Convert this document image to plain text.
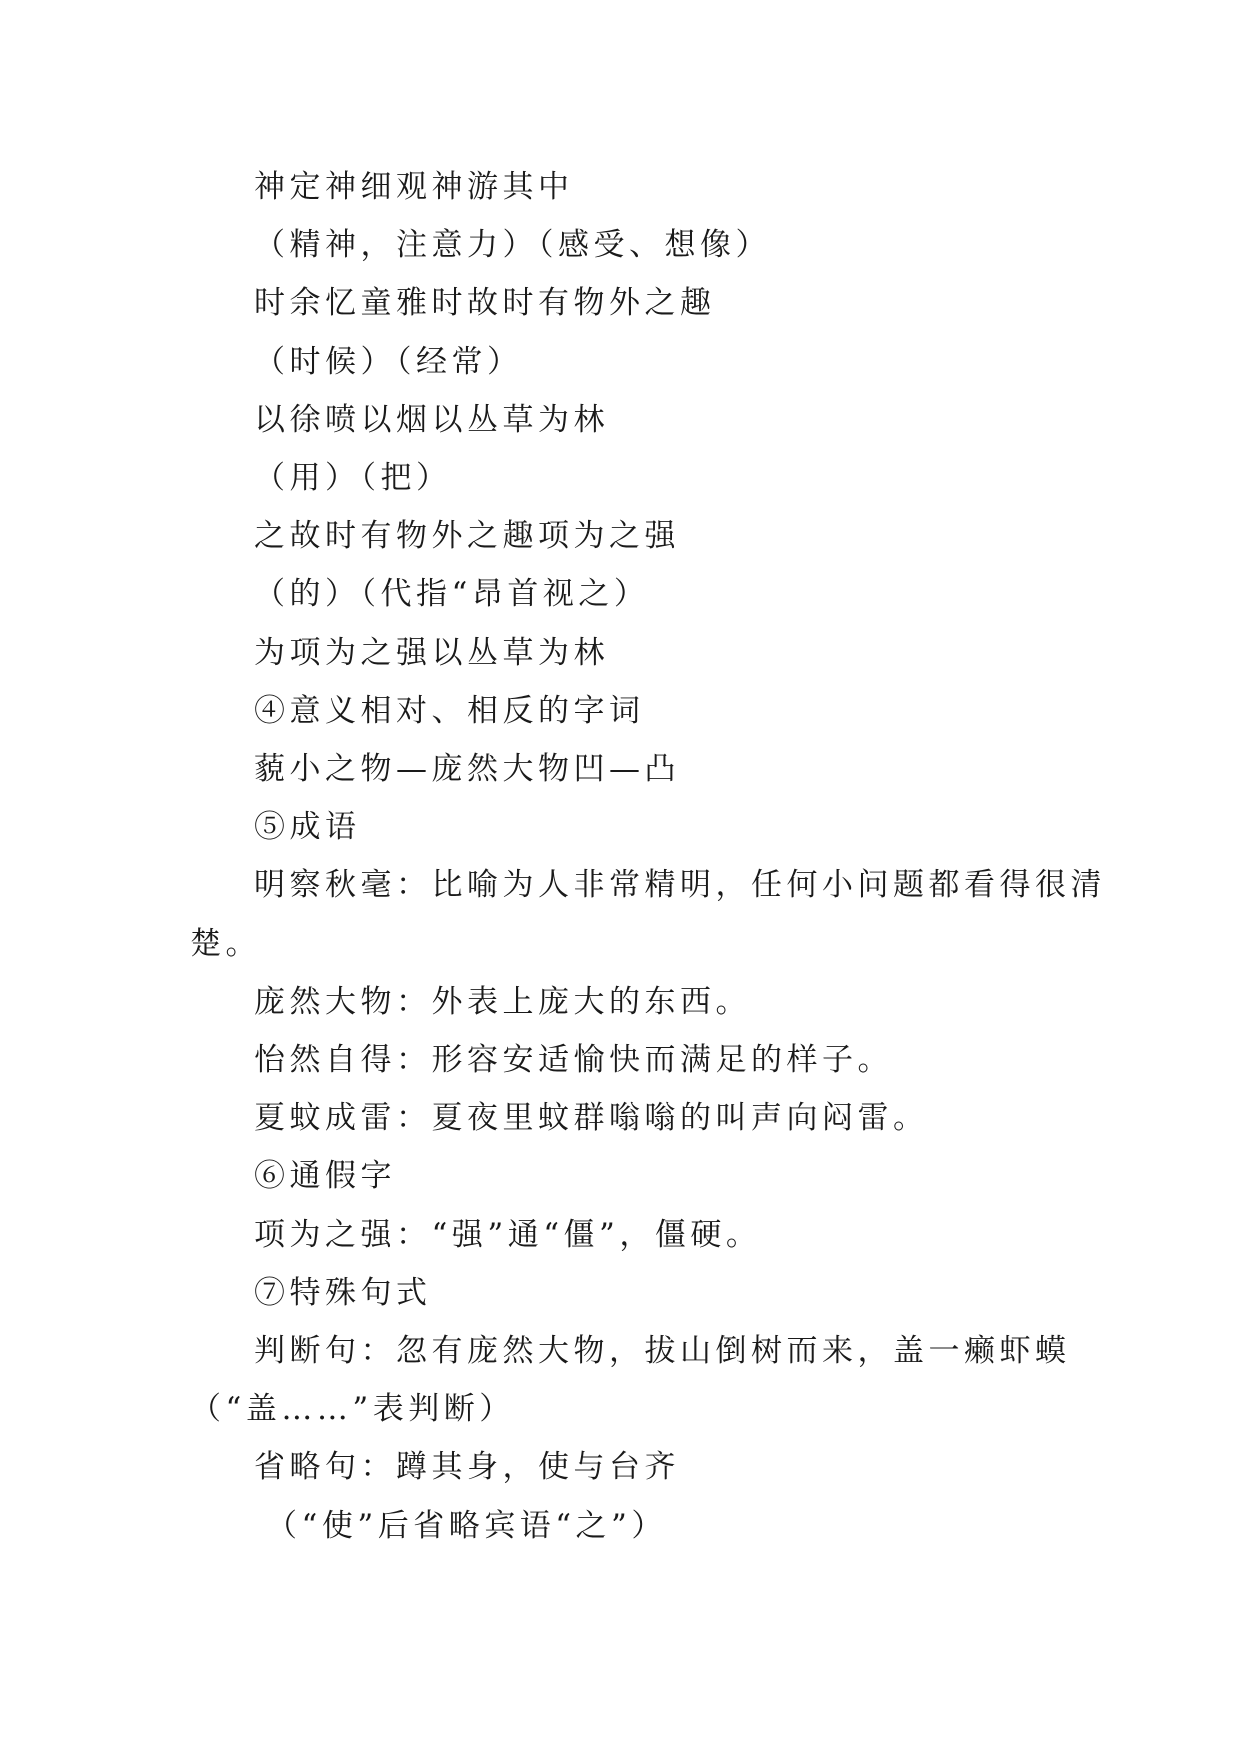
神定神细观神游其中

（精神，注意力）（感受、想像）

时余忆童雅时故时有物外之趣

（时候）（经常）

以徐喷以烟以丛草为林

（用）（把）

之故时有物外之趣项为之强

（的）（代指“昂首视之）

为项为之强以丛草为林

④意义相对、相反的字词

藐小之物—庞然大物凹—凸

⑤成语

明察秋毫：比喻为人非常精明，任何小问题都看得很清

楚。

庞然大物：外表上庞大的东西。

怡然自得：形容安适愉快而满足的样子。

夏蚊成雷：夏夜里蚊群嗡嗡的叫声向闷雷。

⑥通假字

项为之强：“强”通“僵”，僵硬。

⑦特殊句式

判断句：忽有庞然大物，拔山倒树而来，盖一癞虾蟆

（“盖……”表判断）

省略句：蹲其身，使与台齐

（“使”后省略宾语“之”）
